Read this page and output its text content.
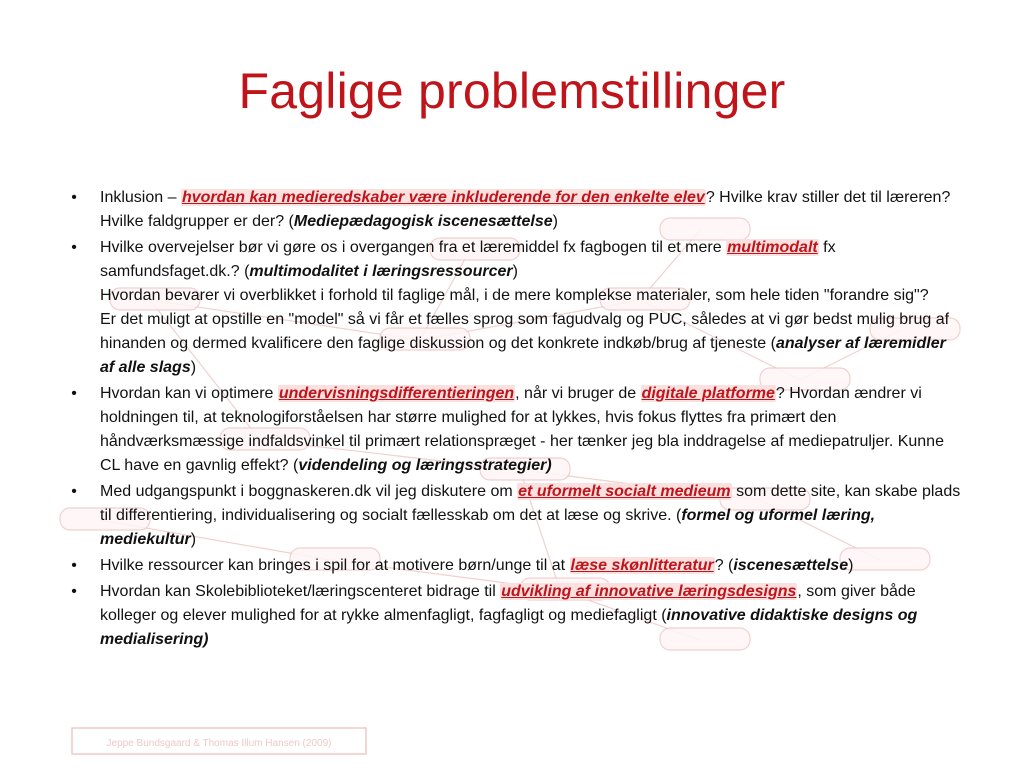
Jeppe Bundsgaard & Thomas Illum Hansen (2009)
Faglige problemstillinger
•	Inklusion – hvordan kan medieredskaber være inkluderende for den enkelte elev? Hvilke krav stiller det til læreren? Hvilke faldgrupper er der? (Mediepædagogisk iscenesættelse)
•	Hvilke overvejelser bør vi gøre os i overgangen fra et læremiddel fx fagbogen til et mere multimodalt fx samfundsfaget.dk.? (multimodalitet i læringsressourcer)
Hvordan bevarer vi overblikket i forhold til faglige mål, i de mere komplekse materialer, som hele tiden "forandre sig"?
Er det muligt at opstille en "model" så vi får et fælles sprog som fagudvalg og PUC, således at vi gør bedst mulig brug af hinanden og dermed kvalificere den faglige diskussion og det konkrete indkøb/brug af tjeneste (analyser af læremidler af alle slags)
•	Hvordan kan vi optimere undervisningsdifferentieringen, når vi bruger de digitale platforme? Hvordan ændrer vi holdningen til, at teknologiforståelsen har større mulighed for at lykkes, hvis fokus flyttes fra primært den håndværksmæssige indfaldsvinkel til primært relationspræget - her tænker jeg bla inddragelse af mediepatruljer. Kunne CL have en gavnlig effekt? (videndeling og læringsstrategier)
•	Med udgangspunkt i boggnaskeren.dk vil jeg diskutere om et uformelt socialt medieum som dette site, kan skabe plads til differentiering, individualisering og socialt fællesskab om det at læse og skrive. (formel og uformel læring, mediekultur)
•	Hvilke ressourcer kan bringes i spil for at motivere børn/unge til at læse skønlitteratur? (iscenesættelse)
•	Hvordan kan Skolebiblioteket/læringscenteret bidrage til udvikling af innovative læringsdesigns, som giver både kolleger og elever mulighed for at rykke almenfagligt, fagfagligt og mediefagligt (innovative didaktiske designs og medialisering)
